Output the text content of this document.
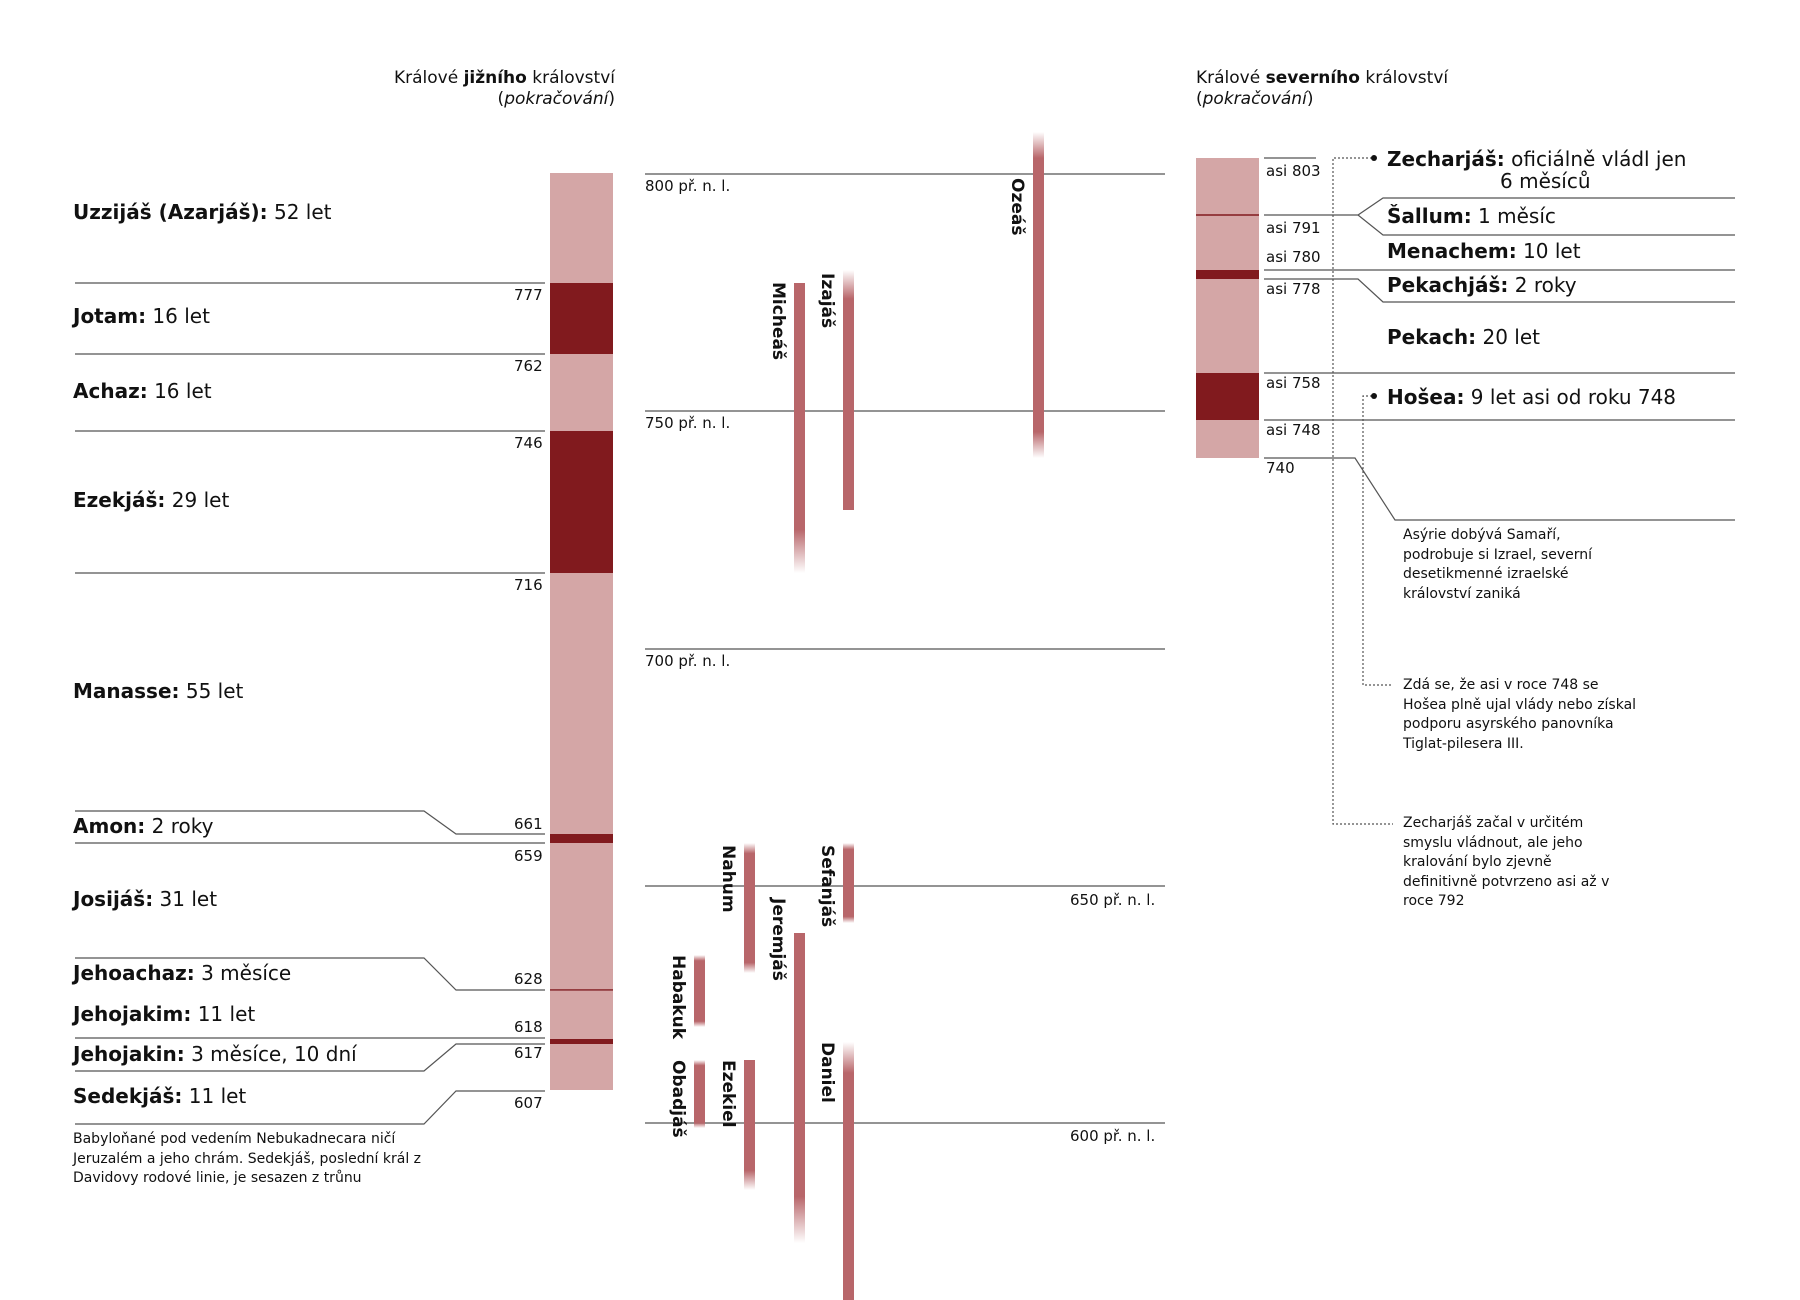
Králové jižního království
(pokračování)
Králové severního království
(pokračování)
Uzzijáš (Azarjáš): 52 let
Jotam: 16 let
Achaz: 16 let
Ezekjáš: 29 let
Manasse: 55 let
Amon: 2 roky
Josijáš: 31 let
Jehoachaz: 3 měsíce
Jehojakim: 11 let
Jehojakin: 3 měsíce, 10 dní
Sedekjáš: 11 let
777
762
746
716
661
659
628
618
617
607
Babyloňané pod vedením Nebukadnecara ničí Jeruzalém a jeho chrám. Sedekjáš, poslední král z Davidovy rodové linie, je sesazen z trůnu
800 př. n. l.
750 př. n. l.
700 př. n. l.
650 př. n. l.
600 př. n. l.
Ozeáš
Micheáš Izajáš
Nahum	Sefanjáš
Jeremjáš
Habakuk
Obadjáš Ezekiel	Daniel
asi 803
asi 791
asi 780
asi 778
asi 758
asi 748
740
Zecharjáš: oficiálně vládl jen
6 měsíců
Šallum: 1 měsíc
Menachem: 10 let
Pekachjáš: 2 roky
Pekach: 20 let
Hošea: 9 let asi od roku 748
Asýrie dobývá Samaří, podrobuje si Izrael, severní desetikmenné izraelské království zaniká
Zdá se, že asi v roce 748 se Hošea plně ujal vlády nebo získal podporu asyrského panovníka Tiglat-pilesera III.
Zecharjáš začal v určitém smyslu vládnout, ale jeho kralování bylo zjevně definitivně potvrzeno asi až v roce 792
